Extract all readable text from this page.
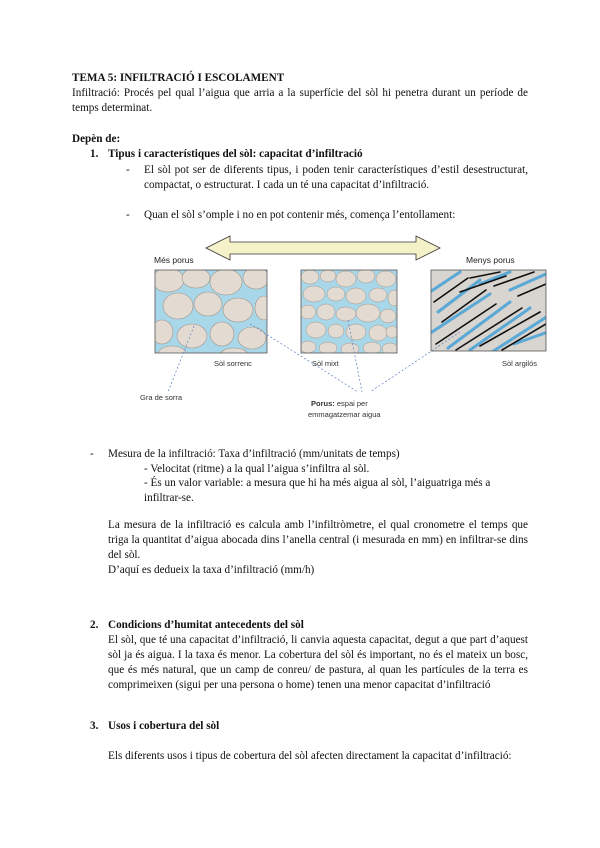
TEMA 5: INFILTRACIÓ I ESCOLAMENT

Infiltració: Procés pel qual l’aigua que arria a la superfície del sòl hi penetra durant un període de temps determinat.

Depèn de:
1. Tipus i característiques del sòl: capacitat d’infiltració
- El sòl pot ser de diferents tipus, i poden tenir característiques d’estil desestructurat, compactat, o estructurat. I cada un té una capacitat d’infiltració.

- Quan el sòl s’omple i no en pot contenir més, comença l’entollament:

Més porus	Menys porus
Sòl sorrenc	Sòl mixt	Sòl argilós
Gra de sorra
Porus: espai per
emmagatzemar aigua
- Mesura de la infiltració: Taxa d’infiltració (mm/unitats de temps)
- Velocitat (ritme) a la qual l’aigua s’infiltra al sòl.

- És un valor variable: a mesura que hi ha més aigua al sòl, l’aiguatriga més a infiltrar-se.

La mesura de la infiltració es calcula amb l’infiltròmetre, el qual cronometre el temps que triga la quantitat d’aigua abocada dins l’anella central (i mesurada en mm) en infiltrar-se dins del sòl.

D’aquí es dedueix la taxa d’infiltració (mm/h)

2. Condicions d’humitat antecedents del sòl

El sòl, que té una capacitat d’infiltració, li canvia aquesta capacitat, degut a que part d’aquest sòl ja és aigua. I la taxa és menor. La cobertura del sòl és important, no és el mateix un bosc, que és més natural, que un camp de conreu/ de pastura, al quan les partícules de la terra es comprimeixen (sigui per una persona o home) tenen una menor capacitat d’infiltració

3. Usos i cobertura del sòl

Els diferents usos i tipus de cobertura del sòl afecten directament la capacitat d’infiltració:
